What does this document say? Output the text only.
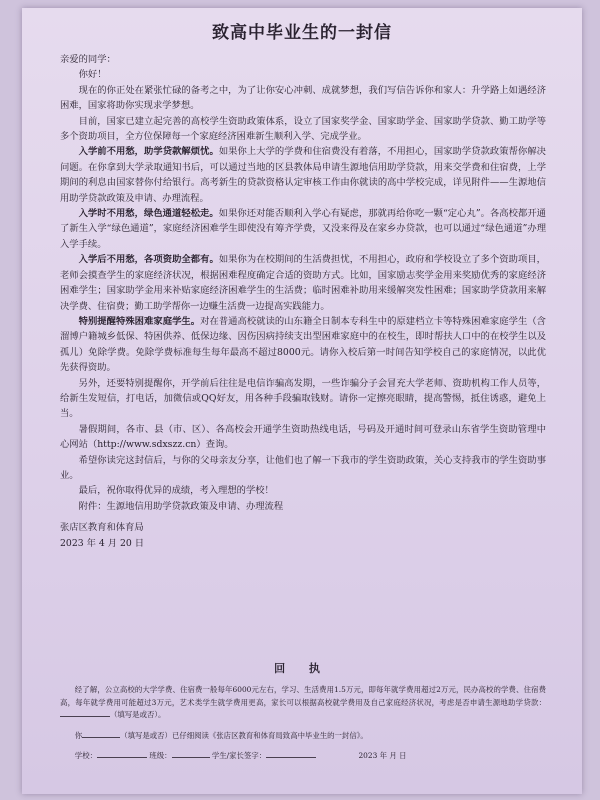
致高中毕业生的一封信

亲爱的同学：

你好！

现在的你正处在紧张忙碌的备考之中，为了让你安心冲刺、成就梦想，我们写信告诉你和家人：升学路上如遇经济困难，国家将助你实现求学梦想。

目前，国家已建立起完善的高校学生资助政策体系，设立了国家奖学金、国家助学金、国家助学贷款、勤工助学等多个资助项目，全方位保障每一个家庭经济困难新生顺利入学、完成学业。

入学前不用愁，助学贷款解烦忧。如果你上大学的学费和住宿费没有着落，不用担心，国家助学贷款政策帮你解决问题。在你拿到大学录取通知书后，可以通过当地的区县教体局申请生源地信用助学贷款，用来交学费和住宿费，上学期间的利息由国家替你付给银行。高考新生的贷款资格认定审核工作由你就读的高中学校完成，详见附件——生源地信用助学贷款政策及申请、办理流程。

入学时不用愁，绿色通道轻松走。如果你还对能否顺利入学心有疑虑，那就再给你吃一颗“定心丸”。各高校都开通了新生入学“绿色通道”，家庭经济困难学生即使没有筹齐学费，又没来得及在家乡办贷款，也可以通过“绿色通道”办理入学手续。

入学后不用愁，各项资助全都有。如果你为在校期间的生活费担忧，不用担心，政府和学校设立了多个资助项目，老师会摸查学生的家庭经济状况，根据困难程度确定合适的资助方式。比如，国家励志奖学金用来奖励优秀的家庭经济困难学生；国家助学金用来补贴家庭经济困难学生的生活费；临时困难补助用来缓解突发性困难；国家助学贷款用来解决学费、住宿费；勤工助学帮你一边赚生活费一边提高实践能力。

特别提醒特殊困难家庭学生。对在普通高校就读的山东籍全日制本专科生中的原建档立卡等特殊困难家庭学生（含溜博户籍城乡低保、特困供养、低保边缘、因伤因病持续支出型困难家庭中的在校生，即时帮扶人口中的在校学生以及孤儿）免除学费。免除学费标准每生每年最高不超过8000元。请你入校后第一时间告知学校自己的家庭情况，以此优先获得资助。

另外，还要特别提醒你，开学前后往往是电信诈骗高发期，一些诈骗分子会冒充大学老师、资助机构工作人员等，给新生发短信，打电话，加微信或QQ好友，用各种手段骗取钱财。请你一定擦亮眼睛，提高警惕，抵住诱惑，避免上当。

暑假期间，各市、县（市、区）、各高校会开通学生资助热线电话，号码及开通时间可登录山东省学生资助管理中心网站（http://www.sdxszz.cn）查询。

希望你读完这封信后，与你的父母亲友分享，让他们也了解一下我市的学生资助政策，关心支持我市的学生资助事业。

最后，祝你取得优异的成绩，考入理想的学校！

附件：生源地信用助学贷款政策及申请、办理流程

张店区教育和体育局

2023 年 4 月 20 日

回 执

经了解，公立高校的大学学费、住宿费一般每年6000元左右，学习、生活费用1.5万元，即每年就学费用超过2万元，民办高校的学费、住宿费高，每年就学费用可能超过3万元，艺术类学生就学费用更高，家长可以根据高校就学费用及自己家庭经济状况，考虑是否申请生源地助学贷款：（填写是或否）。

你	（填写是或否）已仔细阅读《张店区教育和体育局致高中毕业生的一封信》。

学校：	班级：	学生/家长签字：	2023 年 月 日
